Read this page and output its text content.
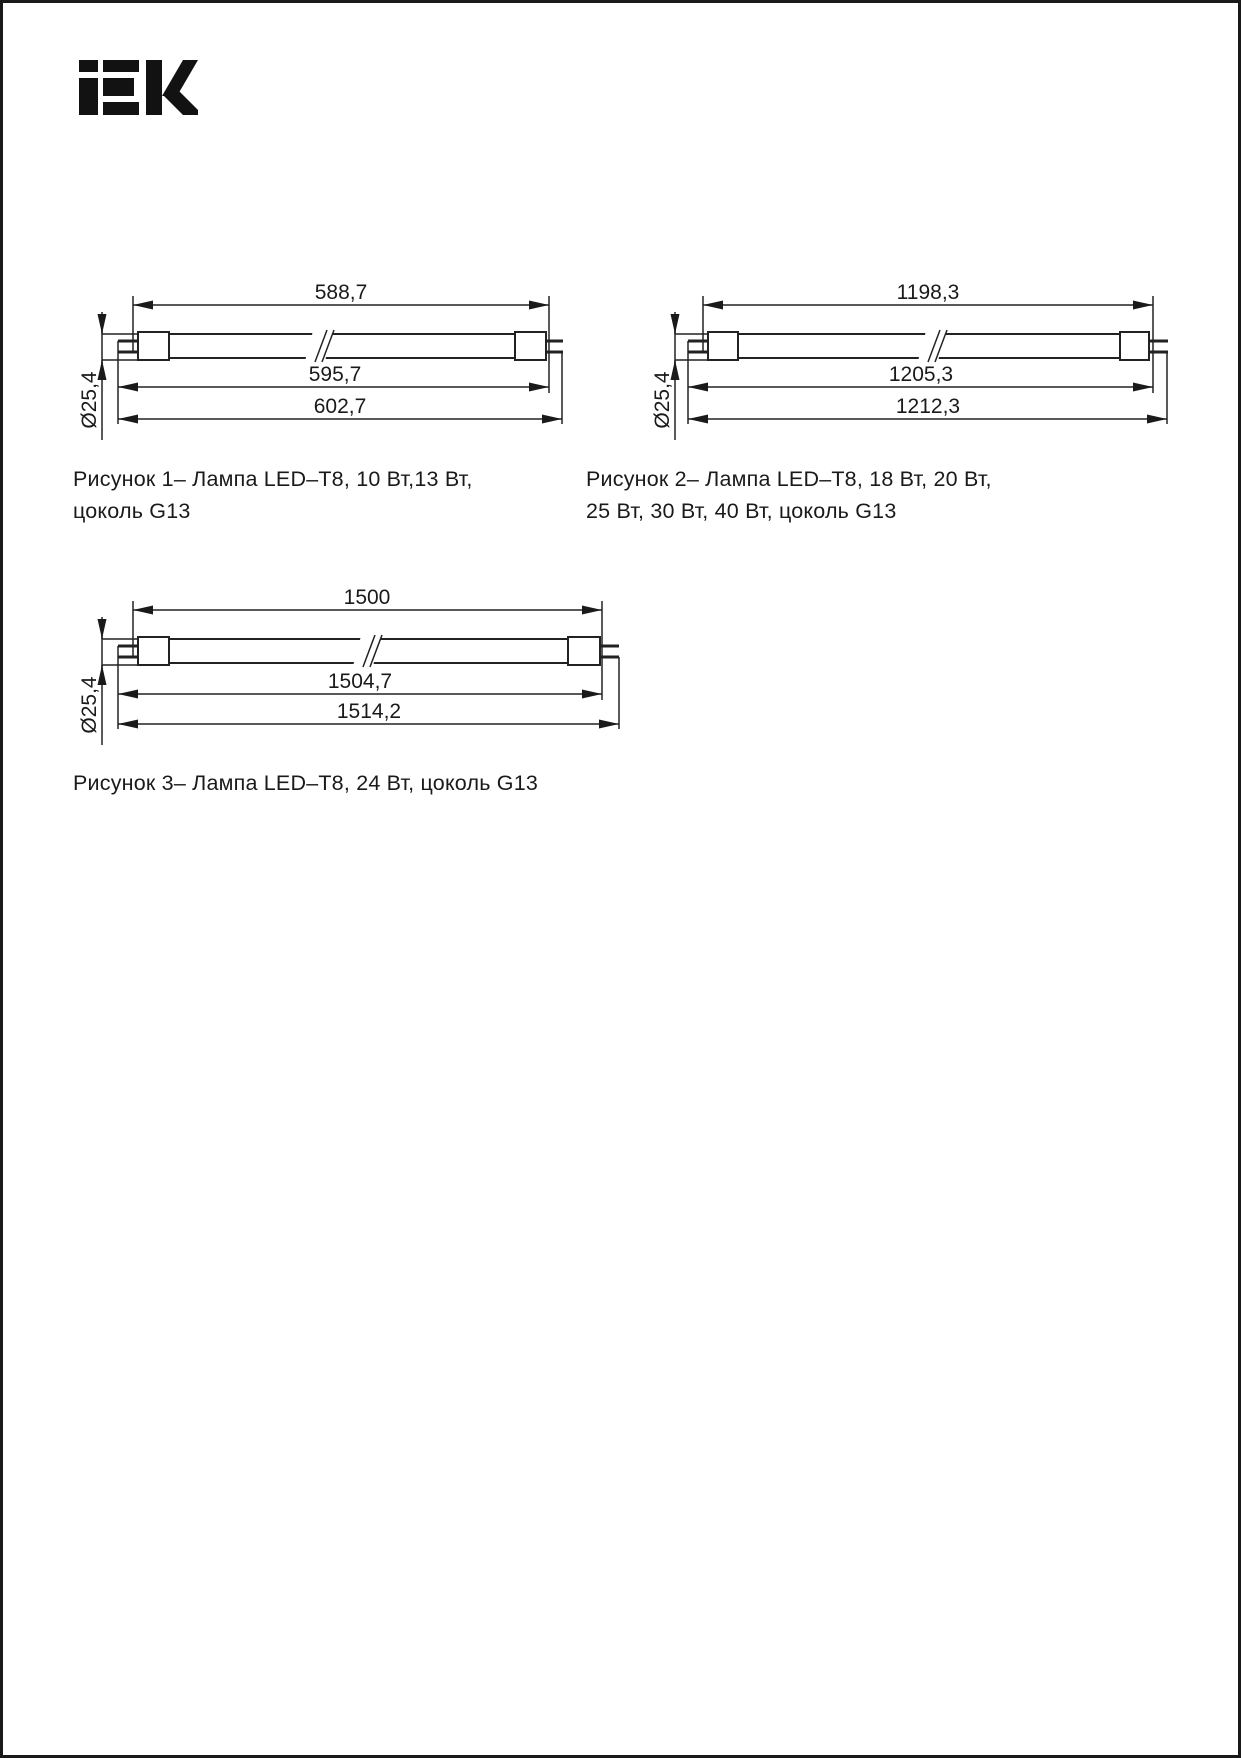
588,7
595,7
602,7
Ø25,4
1198,3
1205,3
1212,3
Ø25,4
Рисунок 1– Лампа LED–T8, 10 Вт,13 Вт,
цоколь G13
Рисунок 2– Лампа LED–T8, 18 Вт, 20 Вт,
25 Вт, 30 Вт, 40 Вт, цоколь G13
1500
1504,7
1514,2
Ø25,4
Рисунок 3– Лампа LED–T8, 24 Вт, цоколь G13
